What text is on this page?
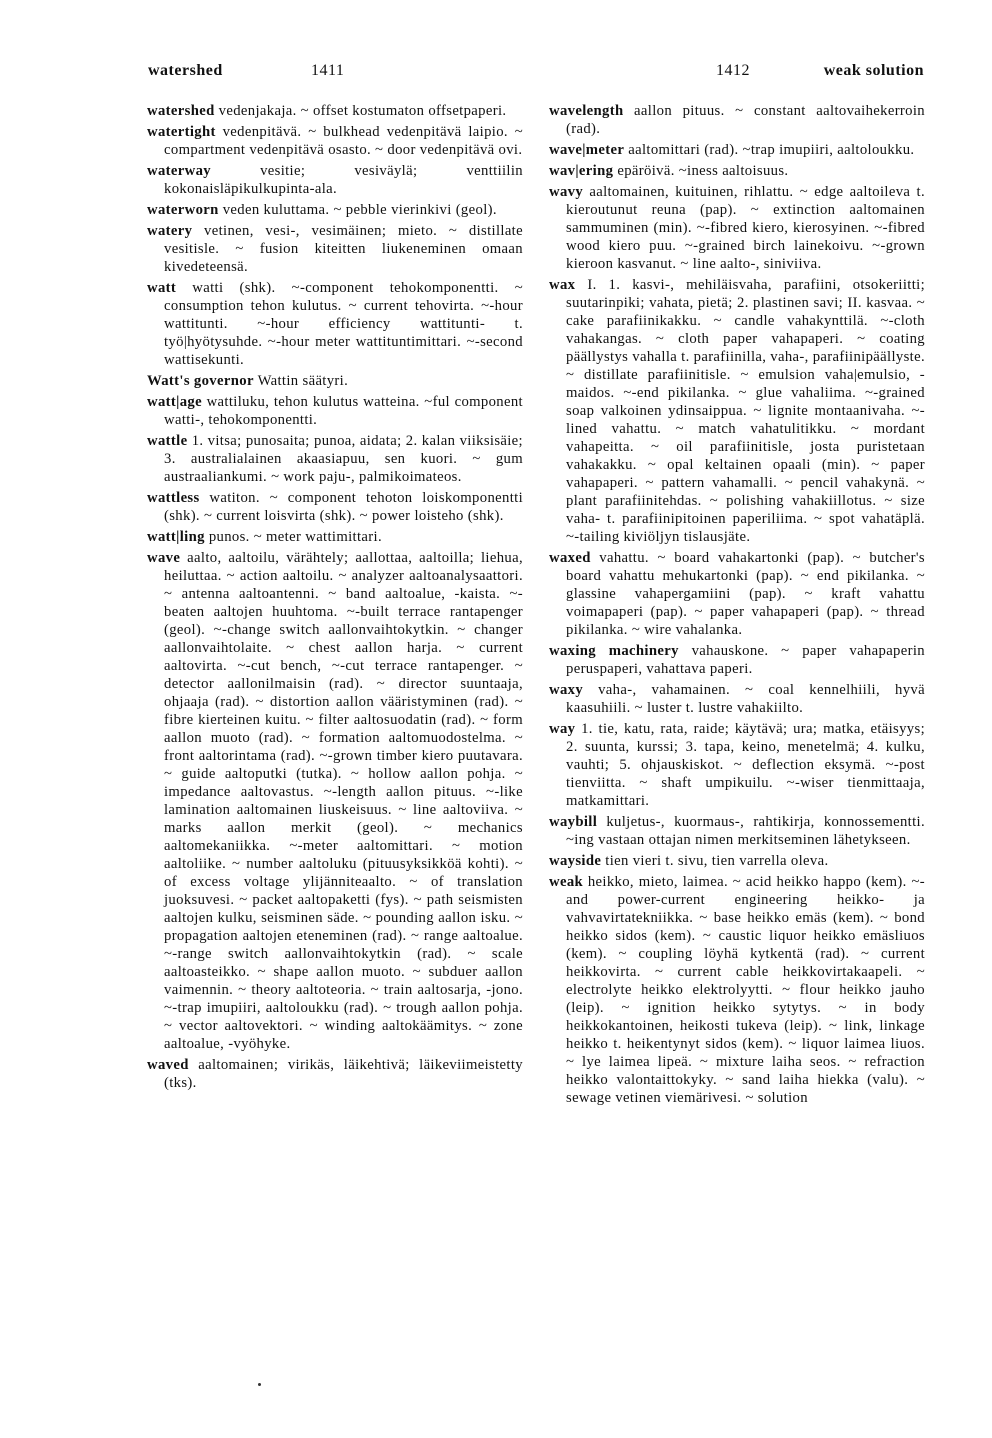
watershed	1411	1412	weak solution

watershed vedenjakaja. ~ offset kostumaton offsetpaperi.

watertight vedenpitävä. ~ bulkhead vedenpitävä laipio. ~ compartment vedenpitävä osasto. ~ door vedenpitävä ovi.

waterway	vesitie; vesiväylä; venttiilin kokonaisläpikulkupinta-ala.

waterworn veden kuluttama. ~ pebble vierinkivi (geol).

watery vetinen, vesi-, vesimäinen; mieto. ~ distillate vesitisle. ~ fusion kiteitten liukeneminen omaan kivedeteensä.

watt watti (shk). ~-component tehokomponentti. ~ consumption tehon kulutus. ~ current tehovirta. ~-hour wattitunti. ~-hour efficiency wattitunti- t. työ|hyötysuhde. ~-hour meter wattituntimittari. ~-second wattisekunti.

Watt's governor Wattin säätyri.

watt|age wattiluku, tehon kulutus watteina. ~ful component watti-, tehokomponentti.

wattle 1. vitsa; punosaita; punoa, aidata; 2. kalan viiksisäie; 3. australialainen akaasiapuu, sen kuori. ~ gum austraaliankumi. ~ work paju-, palmikoimateos.

wattless watiton. ~ component tehoton loiskomponentti (shk). ~ current loisvirta (shk). ~ power loisteho (shk).

watt|ling punos. ~ meter wattimittari.

wave aalto, aaltoilu, värähtely; aallottaa, aaltoilla; liehua, heiluttaa. ~ action aaltoilu. ~ analyzer aaltoanalysaattori. ~ antenna aaltoantenni. ~ band aaltoalue, -kaista. ~-beaten aaltojen huuhtoma. ~-built terrace rantapenger (geol). ~-change switch aallonvaihtokytkin. ~ changer aallonvaihtolaite. ~ chest aallon harja. ~ current aaltovirta. ~-cut bench, ~-cut terrace rantapenger. ~ detector aallonilmaisin (rad). ~ director suuntaaja, ohjaaja (rad). ~ distortion aallon vääristyminen (rad). ~ fibre kierteinen kuitu. ~ filter aaltosuodatin (rad). ~ form aallon muoto (rad). ~ formation aaltomuodostelma. ~ front aaltorintama (rad). ~-grown timber kiero puutavara. ~ guide aaltoputki (tutka). ~ hollow aallon pohja. ~ impedance aaltovastus. ~-length aallon pituus. ~-like lamination aaltomainen liuskeisuus. ~ line aaltoviiva. ~ marks aallon merkit (geol). ~ mechanics aaltomekaniikka. ~-meter aaltomittari. ~ motion aaltoliike. ~ number aaltoluku (pituusyksikköä kohti). ~ of excess voltage ylijänniteaalto. ~ of translation juoksuvesi. ~ packet aaltopaketti (fys). ~ path seismisten aaltojen kulku, seisminen säde. ~ pounding aallon isku. ~ propagation aaltojen eteneminen (rad). ~ range aaltoalue. ~-range switch aallonvaihtokytkin (rad). ~ scale aaltoasteikko. ~ shape aallon muoto. ~ subduer aallon vaimennin. ~ theory aaltoteoria. ~ train aaltosarja, -jono. ~-trap imupiiri, aaltoloukku (rad). ~ trough aallon pohja. ~ vector aaltovektori. ~ winding aaltokäämitys. ~ zone aaltoalue, -vyöhyke.

waved aaltomainen; virikäs, läikehtivä; läikeviimeistetty (tks).

wavelength aallon pituus. ~ constant aaltovaihekerroin (rad).

wave|meter aaltomittari (rad). ~trap imupiiri, aaltoloukku.

wav|ering epäröivä. ~iness aaltoisuus.

wavy aaltomainen, kuituinen, rihlattu. ~ edge aaltoileva t. kieroutunut reuna (pap). ~ extinction aaltomainen sammuminen (min). ~-fibred kiero, kierosyinen. ~-fibred wood kiero puu. ~-grained birch lainekoivu. ~-grown kieroon kasvanut. ~ line aalto-, siniviiva.

wax I. 1. kasvi-, mehiläisvaha, parafiini, otsokeriitti; suutarinpiki; vahata, pietä; 2. plastinen savi; II. kasvaa. ~ cake parafiinikakku. ~ candle vahakynttilä. ~-cloth vahakangas. ~ cloth paper vahapaperi. ~ coating päällystys vahalla t. parafiinilla, vaha-, parafiinipäällyste. ~ distillate parafiinitisle. ~ emulsion vaha|emulsio, -maidos. ~-end pikilanka. ~ glue vahaliima. ~-grained soap valkoinen ydinsaippua. ~ lignite montaanivaha. ~-lined vahattu. ~ match vahatulitikku. ~ mordant vahapeitta. ~ oil parafiinitisle, josta puristetaan vahakakku. ~ opal keltainen opaali (min). ~ paper vahapaperi. ~ pattern vahamalli. ~ pencil vahakynä. ~ plant parafiinitehdas. ~ polishing vahakiillotus. ~ size vaha- t. parafiinipitoinen paperiliima. ~ spot vahatäplä. ~-tailing kiviöljyn tislausjäte.

waxed vahattu. ~ board vahakartonki (pap). ~ butcher's board vahattu mehukartonki (pap). ~ end pikilanka. ~ glassine vahapergamiini (pap). ~ kraft vahattu voimapaperi (pap). ~ paper vahapaperi (pap). ~ thread pikilanka. ~ wire vahalanka.

waxing machinery vahauskone. ~ paper vahapaperin peruspaperi, vahattava paperi.

waxy vaha-, vahamainen. ~ coal kennelhiili, hyvä kaasuhiili. ~ luster t. lustre vahakiilto.

way 1. tie, katu, rata, raide; käytävä; ura; matka, etäisyys; 2. suunta, kurssi; 3. tapa, keino, menetelmä; 4. kulku, vauhti; 5. ohjauskiskot. ~ deflection eksymä. ~-post tienviitta. ~ shaft umpikuilu. ~-wiser tienmittaaja, matkamittari.

waybill kuljetus-, kuormaus-, rahtikirja, konnossementti. ~ing vastaan ottajan nimen merkitseminen lähetykseen.

wayside tien vieri t. sivu, tien varrella oleva.

weak heikko, mieto, laimea. ~ acid heikko happo (kem). ~-and power-current engineering heikko- ja vahvavirtatekniikka. ~ base heikko emäs (kem). ~ bond heikko sidos (kem). ~ caustic liquor heikko emäsliuos (kem). ~ coupling löyhä kytkentä (rad). ~ current heikkovirta. ~ current cable heikkovirtakaapeli. ~ electrolyte heikko elektrolyytti. ~ flour heikko jauho (leip). ~ ignition heikko sytytys. ~ in body heikkokantoinen, heikosti tukeva (leip). ~ link, linkage heikko t. heikentynyt sidos (kem). ~ liquor laimea liuos. ~ lye laimea lipeä. ~ mixture laiha seos. ~ refraction heikko valontaittokyky. ~ sand laiha hiekka (valu). ~ sewage vetinen viemärivesi. ~ solution
